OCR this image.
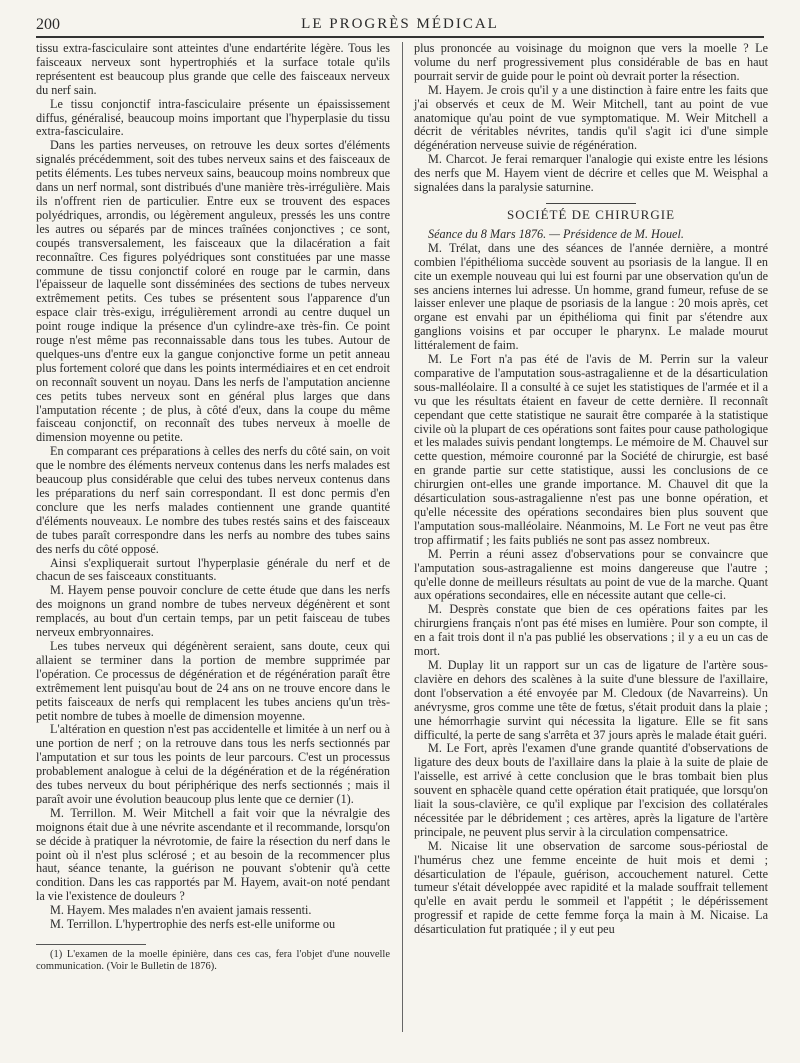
200	LE PROGRÈS MÉDICAL

tissu extra-fasciculaire sont atteintes d'une endartérite légère. Tous les faisceaux nerveux sont hypertrophiés et la surface totale qu'ils représentent est beaucoup plus grande que celle des faisceaux nerveux du nerf sain.

Le tissu conjonctif intra-fasciculaire présente un épaississement diffus, généralisé, beaucoup moins important que l'hyperplasie du tissu extra-fasciculaire.

Dans les parties nerveuses, on retrouve les deux sortes d'éléments signalés précédemment, soit des tubes nerveux sains et des faisceaux de petits éléments. Les tubes nerveux sains, beaucoup moins nombreux que dans un nerf normal, sont distribués d'une manière très-irrégulière. Mais ils n'offrent rien de particulier. Entre eux se trouvent des espaces polyédriques, arrondis, ou légèrement anguleux, pressés les uns contre les autres ou séparés par de minces traînées conjonctives ; ce sont, coupés transversalement, les faisceaux que la dilacération a fait reconnaître. Ces figures polyédriques sont constituées par une masse commune de tissu conjonctif coloré en rouge par le carmin, dans l'épaisseur de laquelle sont disséminées des sections de tubes nerveux extrêmement petits. Ces tubes se présentent sous l'apparence d'un espace clair très-exigu, irrégulièrement arrondi au centre duquel un point rouge indique la présence d'un cylindre-axe très-fin. Ce point rouge n'est même pas reconnaissable dans tous les tubes. Autour de quelques-uns d'entre eux la gangue conjonctive forme un petit anneau plus fortement coloré que dans les points intermédiaires et en cet endroit on reconnaît souvent un noyau. Dans les nerfs de l'amputation ancienne ces petits tubes nerveux sont en général plus larges que dans l'amputation récente ; de plus, à côté d'eux, dans la coupe du même faisceau conjonctif, on reconnaît des tubes nerveux à moelle de dimension moyenne ou petite.

En comparant ces préparations à celles des nerfs du côté sain, on voit que le nombre des éléments nerveux contenus dans les nerfs malades est beaucoup plus considérable que celui des tubes nerveux contenus dans les préparations du nerf sain correspondant. Il est donc permis d'en conclure que les nerfs malades contiennent une grande quantité d'éléments nouveaux. Le nombre des tubes restés sains et des faisceaux de tubes paraît correspondre dans les nerfs au nombre des tubes sains des nerfs du côté opposé.

Ainsi s'expliquerait surtout l'hyperplasie générale du nerf et de chacun de ses faisceaux constituants.

M. Hayem pense pouvoir conclure de cette étude que dans les nerfs des moignons un grand nombre de tubes nerveux dégénèrent et sont remplacés, au bout d'un certain temps, par un petit faisceau de tubes nerveux embryonnaires.

Les tubes nerveux qui dégénèrent seraient, sans doute, ceux qui allaient se terminer dans la portion de membre supprimée par l'opération. Ce processus de dégénération et de régénération paraît être extrêmement lent puisqu'au bout de 24 ans on ne trouve encore dans le petits faisceaux de nerfs qui remplacent les tubes anciens qu'un très-petit nombre de tubes à moelle de dimension moyenne.

L'altération en question n'est pas accidentelle et limitée à un nerf ou à une portion de nerf ; on la retrouve dans tous les nerfs sectionnés par l'amputation et sur tous les points de leur parcours. C'est un processus probablement analogue à celui de la dégénération et de la régénération des tubes nerveux du bout périphérique des nerfs sectionnés ; mais il paraît avoir une évolution beaucoup plus lente que ce dernier (1).

M. Terrillon. M. Weir Mitchell a fait voir que la névralgie des moignons était due à une névrite ascendante et il recommande, lorsqu'on se décide à pratiquer la névrotomie, de faire la résection du nerf dans le point où il n'est plus sclérosé ; et au besoin de la recommencer plus haut, séance tenante, la guérison ne pouvant s'obtenir qu'à cette condition. Dans les cas rapportés par M. Hayem, avait-on noté pendant la vie l'existence de douleurs ?

M. Hayem. Mes malades n'en avaient jamais ressenti.

M. Terrillon. L'hypertrophie des nerfs est-elle uniforme ou

(1) L'examen de la moelle épinière, dans ces cas, fera l'objet d'une nouvelle communication. (Voir le Bulletin de 1876).

plus prononcée au voisinage du moignon que vers la moelle ? Le volume du nerf progressivement plus considérable de bas en haut pourrait servir de guide pour le point où devrait porter la résection.

M. Hayem. Je crois qu'il y a une distinction à faire entre les faits que j'ai observés et ceux de M. Weir Mitchell, tant au point de vue anatomique qu'au point de vue symptomatique. M. Weir Mitchell a décrit de véritables névrites, tandis qu'il s'agit ici d'une simple dégénération nerveuse suivie de régénération.

M. Charcot. Je ferai remarquer l'analogie qui existe entre les lésions des nerfs que M. Hayem vient de décrire et celles que M. Weisphal a signalées dans la paralysie saturnine.

SOCIÉTÉ DE CHIRURGIE

Séance du 8 Mars 1876. — Présidence de M. Houel.

M. Trélat, dans une des séances de l'année dernière, a montré combien l'épithélioma succède souvent au psoriasis de la langue. Il en cite un exemple nouveau qui lui est fourni par une observation qu'un de ses anciens internes lui adresse. Un homme, grand fumeur, refuse de se laisser enlever une plaque de psoriasis de la langue : 20 mois après, cet organe est envahi par un épithélioma qui finit par s'étendre aux ganglions voisins et par occuper le pharynx. Le malade mourut littéralement de faim.

M. Le Fort n'a pas été de l'avis de M. Perrin sur la valeur comparative de l'amputation sous-astragalienne et de la désarticulation sous-malléolaire. Il a consulté à ce sujet les statistiques de l'armée et il a vu que les résultats étaient en faveur de cette dernière. Il reconnaît cependant que cette statistique ne saurait être comparée à la statistique civile où la plupart de ces opérations sont faites pour cause pathologique et les malades suivis pendant longtemps. Le mémoire de M. Chauvel sur cette question, mémoire couronné par la Société de chirurgie, est basé en grande partie sur cette statistique, aussi les conclusions de ce chirurgien ont-elles une grande importance. M. Chauvel dit que la désarticulation sous-astragalienne n'est pas une bonne opération, et qu'elle nécessite des opérations secondaires bien plus souvent que l'amputation sous-malléolaire. Néanmoins, M. Le Fort ne veut pas être trop affirmatif ; les faits publiés ne sont pas assez nombreux.

M. Perrin a réuni assez d'observations pour se convaincre que l'amputation sous-astragalienne est moins dangereuse que l'autre ; qu'elle donne de meilleurs résultats au point de vue de la marche. Quant aux opérations secondaires, elle en nécessite autant que celle-ci.

M. Desprès constate que bien de ces opérations faites par les chirurgiens français n'ont pas été mises en lumière. Pour son compte, il en a fait trois dont il n'a pas publié les observations ; il y a eu un cas de mort.

M. Duplay lit un rapport sur un cas de ligature de l'artère sous-clavière en dehors des scalènes à la suite d'une blessure de l'axillaire, dont l'observation a été envoyée par M. Cledoux (de Navarreins). Un anévrysme, gros comme une tête de fœtus, s'était produit dans la plaie ; une hémorrhagie survint qui nécessita la ligature. Elle se fit sans difficulté, la perte de sang s'arrêta et 37 jours après le malade était guéri.

M. Le Fort, après l'examen d'une grande quantité d'observations de ligature des deux bouts de l'axillaire dans la plaie à la suite de plaie de l'aisselle, est arrivé à cette conclusion que le bras tombait bien plus souvent en sphacèle quand cette opération était pratiquée, que lorsqu'on liait la sous-clavière, ce qu'il explique par l'excision des collatérales nécessitée par le débridement ; ces artères, après la ligature de l'artère principale, ne peuvent plus servir à la circulation compensatrice.

M. Nicaise lit une observation de sarcome sous-périostal de l'humérus chez une femme enceinte de huit mois et demi ; désarticulation de l'épaule, guérison, accouchement naturel. Cette tumeur s'était développée avec rapidité et la malade souffrait tellement qu'elle en avait perdu le sommeil et l'appétit ; le dépérissement progressif et rapide de cette femme força la main à M. Nicaise. La désarticulation fut pratiquée ; il y eut peu
